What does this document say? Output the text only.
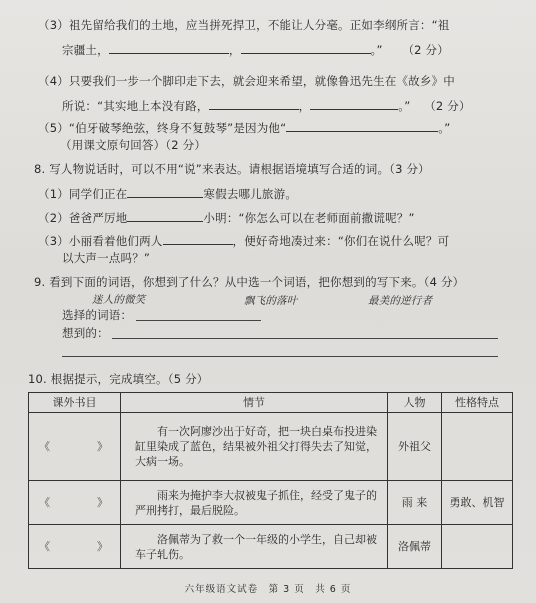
（3）祖先留给我们的土地，应当拼死捍卫，不能让人分毫。正如李纲所言：“祖
宗疆土，	，	。” （2 分）
（4）只要我们一步一个脚印走下去，就会迎来希望，就像鲁迅先生在《故乡》中
所说：“其实地上本没有路，	，	。” （2 分）
（5）“伯牙破琴绝弦，终身不复鼓琴”是因为他“	。”
（用课文原句回答）（2 分）
8. 写人物说话时，可以不用“说”来表达。请根据语境填写合适的词。（3 分）
（1）同学们正在	寒假去哪儿旅游。
（2）爸爸严厉地	小明：“你怎么可以在老师面前撒谎呢？”
（3）小丽看着他们两人	，便好奇地凑过来：“你们在说什么呢？可
以大声一点吗？”
9. 看到下面的词语，你想到了什么？从中选一个词语，把你想到的写下来。（4 分）
迷人的微笑	飘飞的落叶	最美的逆行者
选择的词语：
想到的：
10. 根据提示，完成填空。（5 分）
课外书目	情节	人物	性格特点

《 》	有一次阿廖沙出于好奇，把一块白桌布投进染缸里染成了蓝色，结果被外祖父打得失去了知觉，大病一场。	外祖父	

《 》	雨来为掩护李大叔被鬼子抓住，经受了鬼子的严刑拷打，最后脱险。	雨 来	勇敢、机智

《 》	洛佩蒂为了救一个一年级的小学生，自己却被车子轧伤。	洛佩蒂	
六年级语文试卷　第 3 页　共 6 页
